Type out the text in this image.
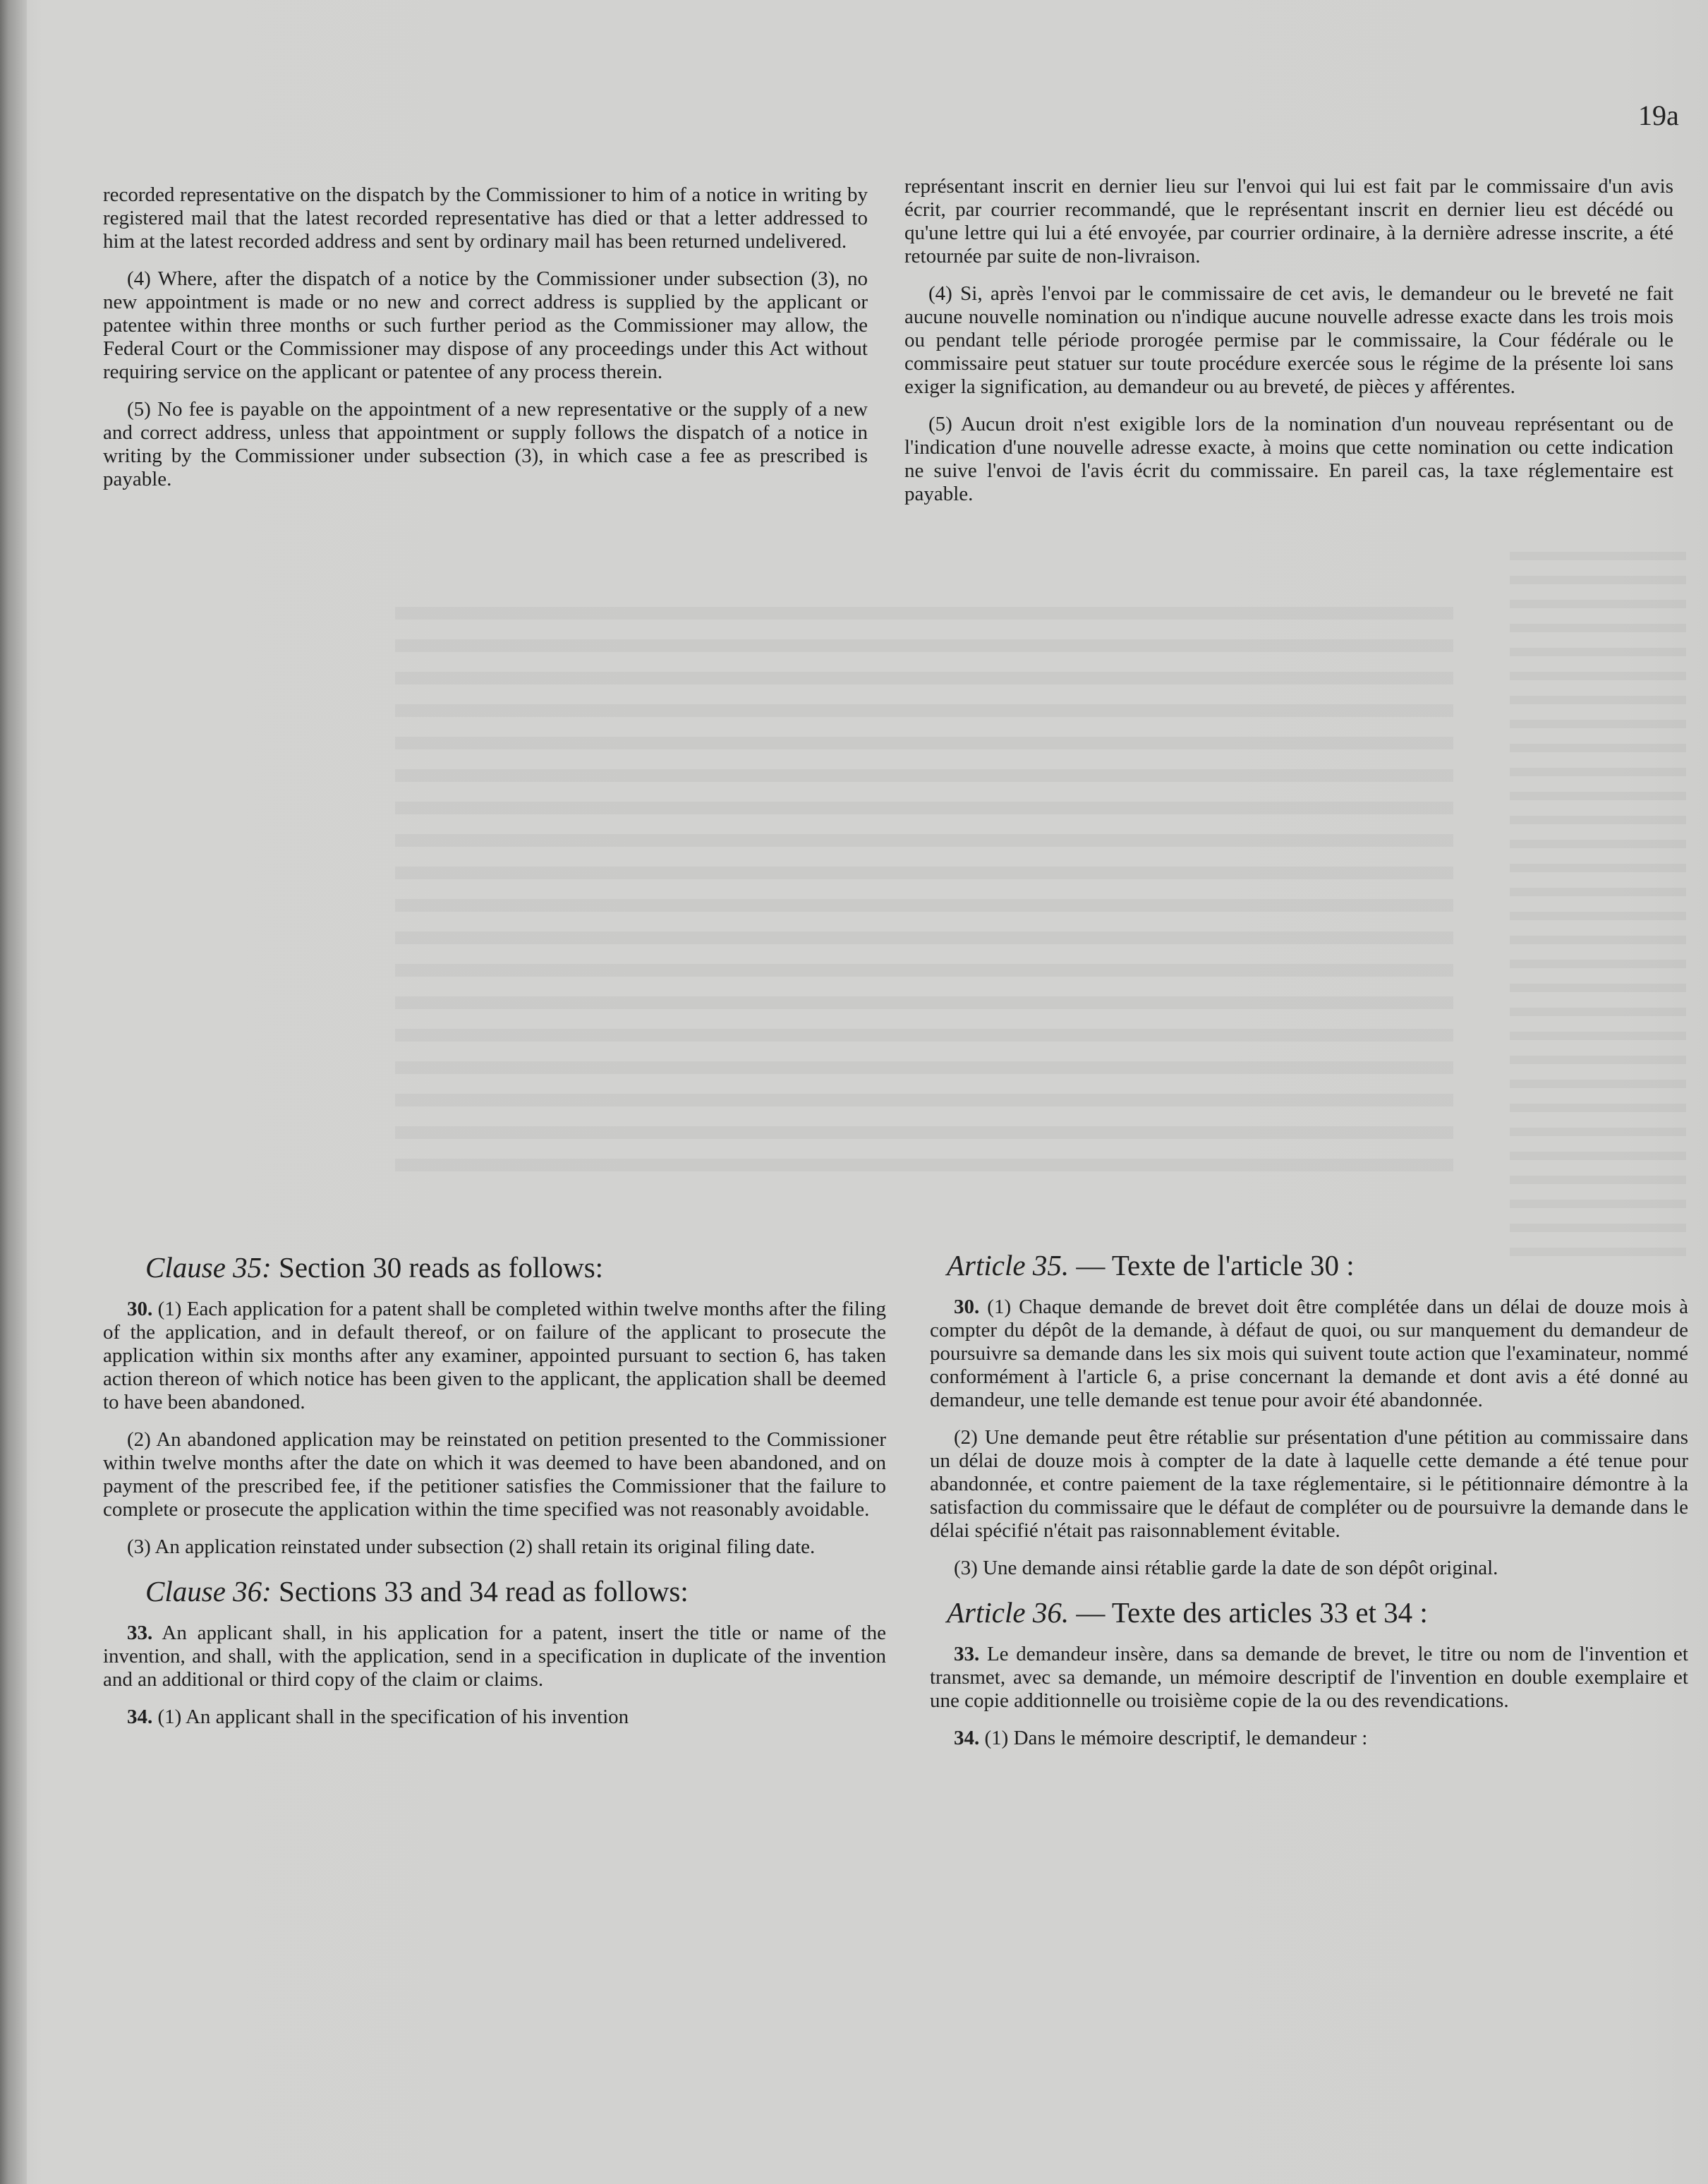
19a

recorded representative on the dispatch by the Commissioner to him of a notice in writing by registered mail that the latest recorded representative has died or that a letter addressed to him at the latest recorded address and sent by ordinary mail has been returned undelivered.

(4) Where, after the dispatch of a notice by the Commissioner under subsection (3), no new appointment is made or no new and correct address is supplied by the applicant or patentee within three months or such further period as the Commissioner may allow, the Federal Court or the Commissioner may dispose of any proceedings under this Act without requiring service on the applicant or patentee of any process therein.

(5) No fee is payable on the appointment of a new representative or the supply of a new and correct address, unless that appointment or supply follows the dispatch of a notice in writing by the Commissioner under subsection (3), in which case a fee as prescribed is payable.

représentant inscrit en dernier lieu sur l'envoi qui lui est fait par le commissaire d'un avis écrit, par courrier recommandé, que le représentant inscrit en dernier lieu est décédé ou qu'une lettre qui lui a été envoyée, par courrier ordinaire, à la dernière adresse inscrite, a été retournée par suite de non-livraison.

(4) Si, après l'envoi par le commissaire de cet avis, le demandeur ou le breveté ne fait aucune nouvelle nomination ou n'indique aucune nouvelle adresse exacte dans les trois mois ou pendant telle période prorogée permise par le commissaire, la Cour fédérale ou le commissaire peut statuer sur toute procédure exercée sous le régime de la présente loi sans exiger la signification, au demandeur ou au breveté, de pièces y afférentes.

(5) Aucun droit n'est exigible lors de la nomination d'un nouveau représentant ou de l'indication d'une nouvelle adresse exacte, à moins que cette nomination ou cette indication ne suive l'envoi de l'avis écrit du commissaire. En pareil cas, la taxe réglementaire est payable.

Clause 35: Section 30 reads as follows:

30. (1) Each application for a patent shall be completed within twelve months after the filing of the application, and in default thereof, or on failure of the applicant to prosecute the application within six months after any examiner, appointed pursuant to section 6, has taken action thereon of which notice has been given to the applicant, the application shall be deemed to have been abandoned.

(2) An abandoned application may be reinstated on petition presented to the Commissioner within twelve months after the date on which it was deemed to have been abandoned, and on payment of the prescribed fee, if the petitioner satisfies the Commissioner that the failure to complete or prosecute the application within the time specified was not reasonably avoidable.

(3) An application reinstated under subsection (2) shall retain its original filing date.

Clause 36: Sections 33 and 34 read as follows:

33. An applicant shall, in his application for a patent, insert the title or name of the invention, and shall, with the application, send in a specification in duplicate of the invention and an additional or third copy of the claim or claims.

34. (1) An applicant shall in the specification of his invention

Article 35. — Texte de l'article 30 :

30. (1) Chaque demande de brevet doit être complétée dans un délai de douze mois à compter du dépôt de la demande, à défaut de quoi, ou sur manquement du demandeur de poursuivre sa demande dans les six mois qui suivent toute action que l'examinateur, nommé conformément à l'article 6, a prise concernant la demande et dont avis a été donné au demandeur, une telle demande est tenue pour avoir été abandonnée.

(2) Une demande peut être rétablie sur présentation d'une pétition au commissaire dans un délai de douze mois à compter de la date à laquelle cette demande a été tenue pour abandonnée, et contre paiement de la taxe réglementaire, si le pétitionnaire démontre à la satisfaction du commissaire que le défaut de compléter ou de poursuivre la demande dans le délai spécifié n'était pas raisonnablement évitable.

(3) Une demande ainsi rétablie garde la date de son dépôt original.

Article 36. — Texte des articles 33 et 34 :

33. Le demandeur insère, dans sa demande de brevet, le titre ou nom de l'invention et transmet, avec sa demande, un mémoire descriptif de l'invention en double exemplaire et une copie additionnelle ou troisième copie de la ou des revendications.

34. (1) Dans le mémoire descriptif, le demandeur :
